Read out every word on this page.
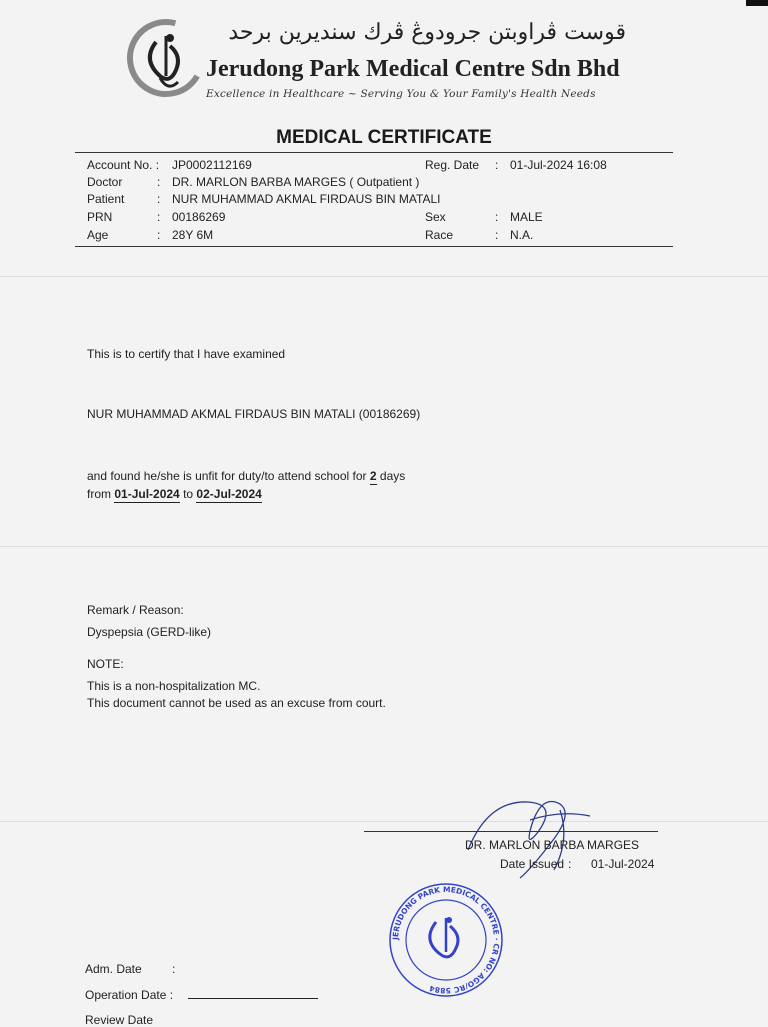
قوست ڤراوبتن جرودوڠ ڤرك سنديرين برحد
Jerudong Park Medical Centre Sdn Bhd
Excellence in Healthcare ~ Serving You & Your Family's Health Needs
MEDICAL CERTIFICATE
Account No. : JP0002112169	Reg. Date : 01-Jul-2024 16:08
Doctor	: DR. MARLON BARBA MARGES ( Outpatient )
Patient	: NUR MUHAMMAD AKMAL FIRDAUS BIN MATALI
PRN	: 00186269	Sex	: MALE
Age	: 28Y 6M	Race	: N.A.
This is to certify that I have examined
NUR MUHAMMAD AKMAL FIRDAUS BIN MATALI (00186269)
and found he/she is unfit for duty/to attend school for 2 days
from 01-Jul-2024 to 02-Jul-2024
Remark / Reason:
Dyspepsia (GERD-like)
NOTE:
This is a non-hospitalization MC.
This document cannot be used as an excuse from court.
DR. MARLON BARBA MARGES
Date Issued : 01-Jul-2024
JERUDONG PARK MEDICAL CENTRE · CR NO: AGO/RC 5884
Adm. Date	:
Operation Date :
Review Date
